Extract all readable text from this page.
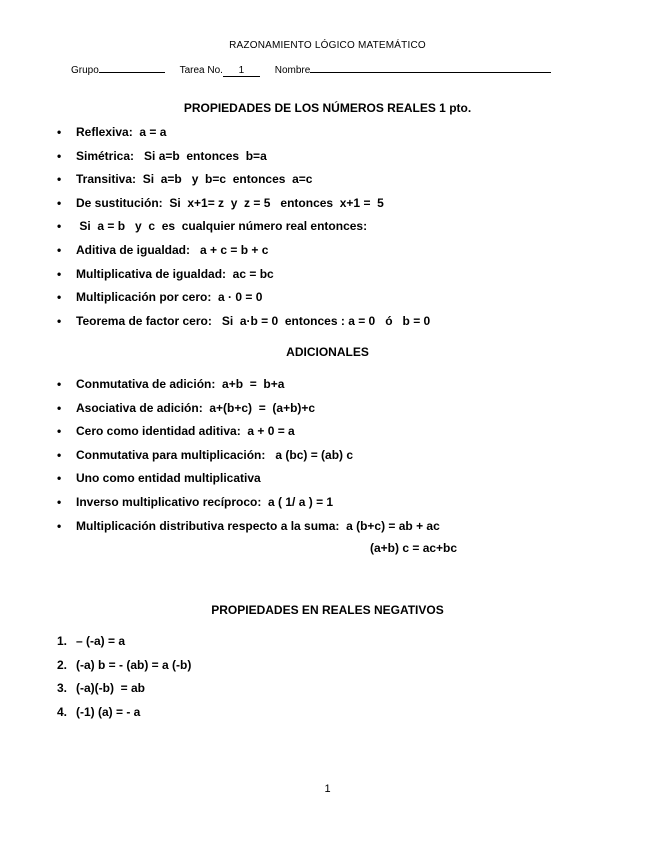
RAZONAMIENTO LÓGICO MATEMÁTICO
Grupo	Tarea No. 1	Nombre
PROPIEDADES DE LOS NÚMEROS REALES 1 pto.
• Reflexiva:  a = a
• Simétrica:   Si a=b  entonces  b=a
• Transitiva:  Si  a=b   y  b=c  entonces  a=c
• De sustitución:  Si  x+1= z  y  z = 5   entonces  x+1 =  5
•  Si  a = b   y  c  es  cualquier número real entonces:
• Aditiva de igualdad:   a + c = b + c
• Multiplicativa de igualdad:  ac = bc
• Multiplicación por cero:  a · 0 = 0
• Teorema de factor cero:   Si  a·b = 0  entonces : a = 0   ó   b = 0
ADICIONALES
• Conmutativa de adición:  a+b  =  b+a
• Asociativa de adición:  a+(b+c)  =  (a+b)+c
• Cero como identidad aditiva:  a + 0 = a
• Conmutativa para multiplicación:   a (bc) = (ab) c
• Uno como entidad multiplicativa
• Inverso multiplicativo recíproco:  a ( 1/ a ) = 1
• Multiplicación distributiva respecto a la suma:  a (b+c) = ab + ac
(a+b) c = ac+bc
PROPIEDADES EN REALES NEGATIVOS
1. – (-a) = a
2. (-a) b = - (ab) = a (-b)
3. (-a)(-b)  = ab
4. (-1) (a) = - a
1
